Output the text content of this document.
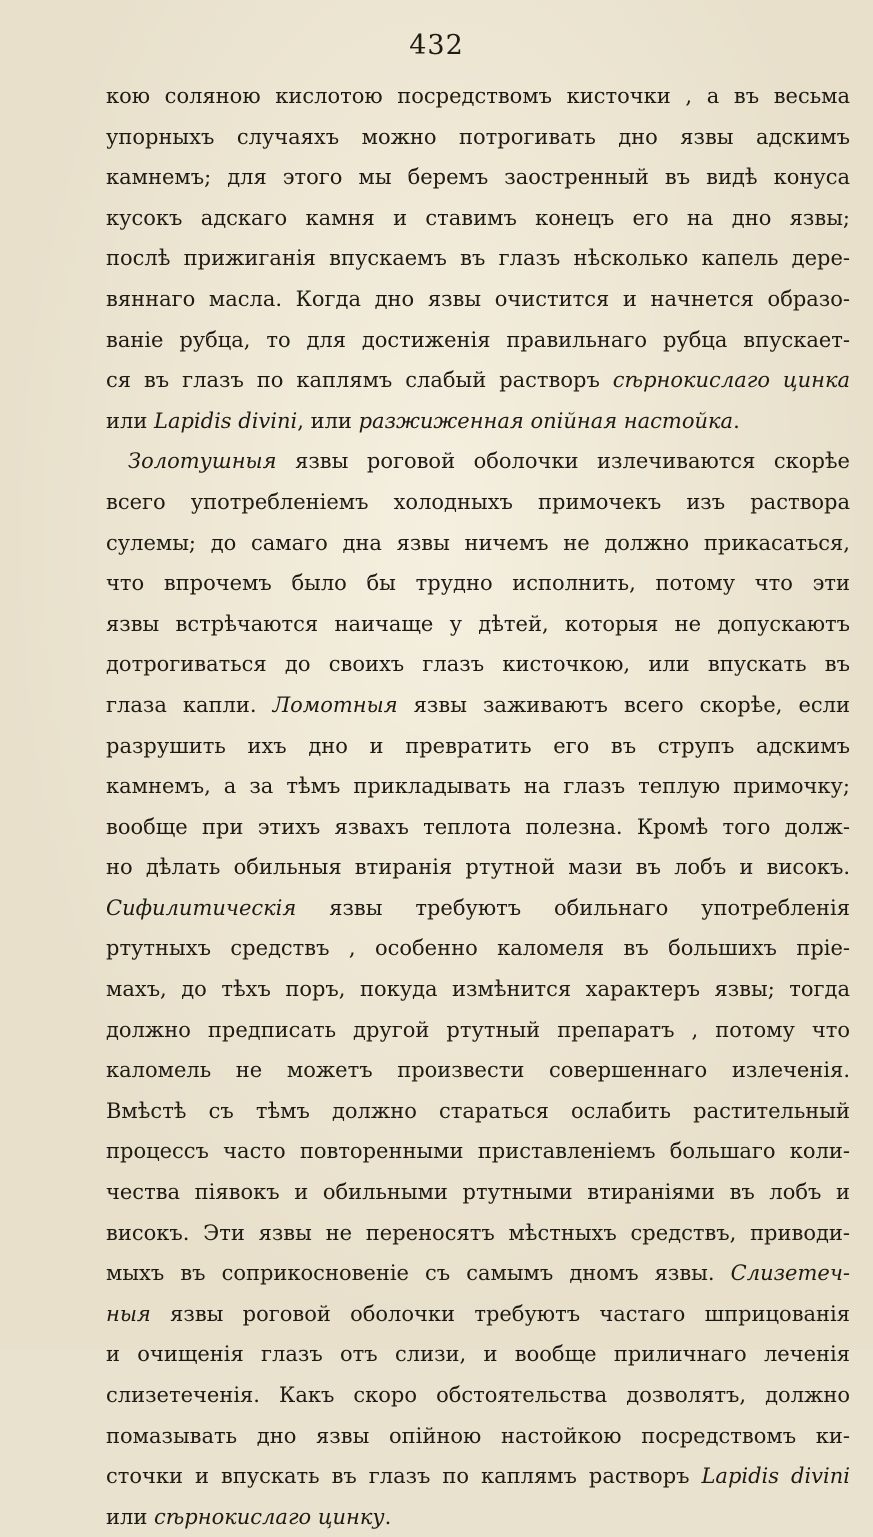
432
кою соляною кислотою посредствомъ кисточки , а въ весьма
упорныхъ случаяхъ можно потрогивать дно язвы адскимъ
камнемъ; для этого мы беремъ заостренный въ видѣ конуса
кусокъ адскаго камня и ставимъ конецъ его на дно язвы;
послѣ прижиганія впускаемъ въ глазъ нѣсколько капель дере-
вяннаго масла. Когда дно язвы очистится и начнется образо-
ваніе рубца, то для достиженія правильнаго рубца впускает-
ся въ глазъ по каплямъ слабый растворъ сѣрнокислаго цинка
или Lapidis divini, или разжиженная опійная настойка.
Золотушныя язвы роговой оболочки излечиваются скорѣе
всего употребленіемъ холодныхъ примочекъ изъ раствора
сулемы; до самаго дна язвы ничемъ не должно прикасаться,
что впрочемъ было бы трудно исполнить, потому что эти
язвы встрѣчаются наичаще у дѣтей, которыя не допускаютъ
дотрогиваться до своихъ глазъ кисточкою, или впускать въ
глаза капли. Ломотныя язвы заживаютъ всего скорѣе, если
разрушить ихъ дно и превратить его въ струпъ адскимъ
камнемъ, а за тѣмъ прикладывать на глазъ теплую примочку;
вообще при этихъ язвахъ теплота полезна. Кромѣ того долж-
но дѣлать обильныя втиранія ртутной мази въ лобъ и високъ.
Сифилитическія язвы требуютъ обильнаго употребленія
ртутныхъ средствъ , особенно каломеля въ большихъ пріе-
махъ, до тѣхъ поръ, покуда измѣнится характеръ язвы; тогда
должно предписать другой ртутный препаратъ , потому что
каломель не можетъ произвести совершеннаго излеченія.
Вмѣстѣ съ тѣмъ должно стараться ослабить растительный
процессъ часто повторенными приставленіемъ большаго коли-
чества піявокъ и обильными ртутными втираніями въ лобъ и
високъ. Эти язвы не переносятъ мѣстныхъ средствъ, приводи-
мыхъ въ соприкосновеніе съ самымъ дномъ язвы. Слизетеч-
ныя язвы роговой оболочки требуютъ частаго шприцованія
и очищенія глазъ отъ слизи, и вообще приличнаго леченія
слизетеченія. Какъ скоро обстоятельства дозволятъ, должно
помазывать дно язвы опійною настойкою посредствомъ ки-
сточки и впускать въ глазъ по каплямъ растворъ Lapidis divini
или сѣрнокислаго цинку.
